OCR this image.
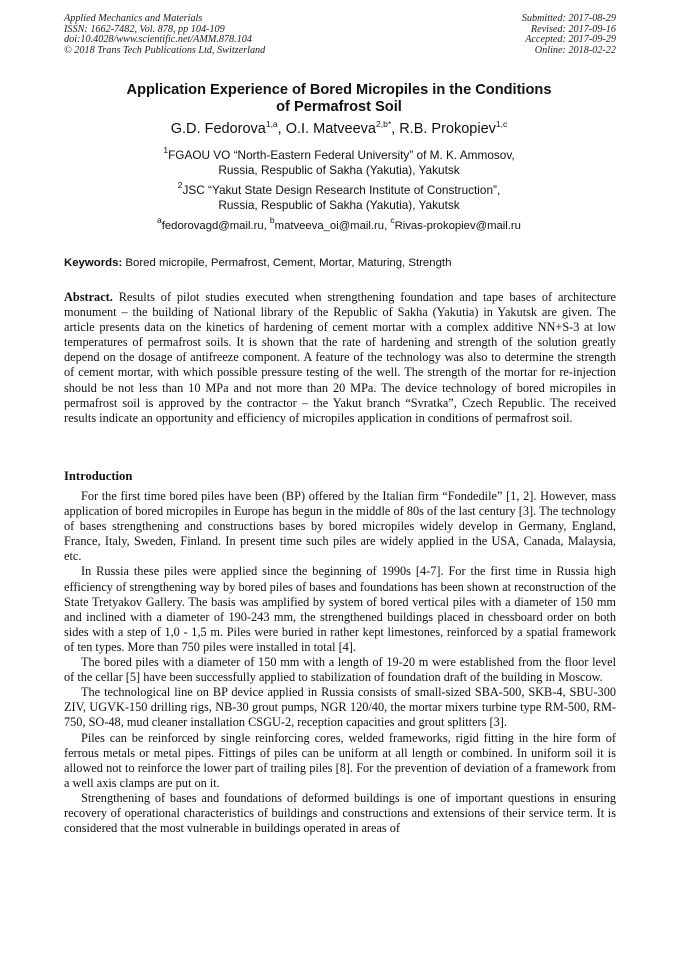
Applied Mechanics and Materials
ISSN: 1662-7482, Vol. 878, pp 104-109
doi:10.4028/www.scientific.net/AMM.878.104
© 2018 Trans Tech Publications Ltd, Switzerland
Submitted: 2017-08-29
Revised: 2017-09-16
Accepted: 2017-09-29
Online: 2018-02-22
Application Experience of Bored Micropiles in the Conditions
of Permafrost Soil
G.D. Fedorova$^{1,a}$, O.I. Matveeva$^{2,b*}$, R.B. Prokopiev$^{1,c}$
$^1$FGAOU VO “North-Eastern Federal University” of M. K. Ammosov,
Russia, Respublic of Sakha (Yakutia), Yakutsk
$^2$JSC “Yakut State Design Research Institute of Construction”,
Russia, Respublic of Sakha (Yakutia), Yakutsk
$^a$fedorovagd@mail.ru, $^b$matveeva_oi@mail.ru, $^c$Rivas-prokopiev@mail.ru
Keywords: Bored micropile, Permafrost, Cement, Mortar, Maturing, Strength
Abstract. Results of pilot studies executed when strengthening foundation and tape bases of architecture monument – the building of National library of the Republic of Sakha (Yakutia) in Yakutsk are given. The article presents data on the kinetics of hardening of cement mortar with a complex additive NN+S-3 at low temperatures of permafrost soils. It is shown that the rate of hardening and strength of the solution greatly depend on the dosage of antifreeze component. A feature of the technology was also to determine the strength of cement mortar, with which possible pressure testing of the well. The strength of the mortar for re-injection should be not less than 10 MPa and not more than 20 MPa. The device technology of bored micropiles in permafrost soil is approved by the contractor – the Yakut branch “Svratka”, Czech Republic. The received results indicate an opportunity and efficiency of micropiles application in conditions of permafrost soil.
Introduction

For the first time bored piles have been (BP) offered by the Italian firm “Fondedile” [1, 2]. However, mass application of bored micropiles in Europe has begun in the middle of 80s of the last century [3]. The technology of bases strengthening and constructions bases by bored micropiles widely develop in Germany, England, France, Italy, Sweden, Finland. In present time such piles are widely applied in the USA, Canada, Malaysia, etc.

In Russia these piles were applied since the beginning of 1990s [4-7]. For the first time in Russia high efficiency of strengthening way by bored piles of bases and foundations has been shown at reconstruction of the State Tretyakov Gallery. The basis was amplified by system of bored vertical piles with a diameter of 150 mm and inclined with a diameter of 190-243 mm, the strengthened buildings placed in chessboard order on both sides with a step of 1,0 - 1,5 m. Piles were buried in rather kept limestones, reinforced by a spatial framework of ten types. More than 750 piles were installed in total [4].

The bored piles with a diameter of 150 mm with a length of 19-20 m were established from the floor level of the cellar [5] have been successfully applied to stabilization of foundation draft of the building in Moscow.

The technological line on BP device applied in Russia consists of small-sized SBA-500, SKB-4, SBU-300 ZIV, UGVK-150 drilling rigs, NB-30 grout pumps, NGR 120/40, the mortar mixers turbine type RM-500, RM-750, SO-48, mud cleaner installation CSGU-2, reception capacities and grout splitters [3].

Piles can be reinforced by single reinforcing cores, welded frameworks, rigid fitting in the hire form of ferrous metals or metal pipes. Fittings of piles can be uniform at all length or combined. In uniform soil it is allowed not to reinforce the lower part of trailing piles [8]. For the prevention of deviation of a framework from a well axis clamps are put on it.

Strengthening of bases and foundations of deformed buildings is one of important questions in ensuring recovery of operational characteristics of buildings and constructions and extensions of their service term. It is considered that the most vulnerable in buildings operated in areas of
